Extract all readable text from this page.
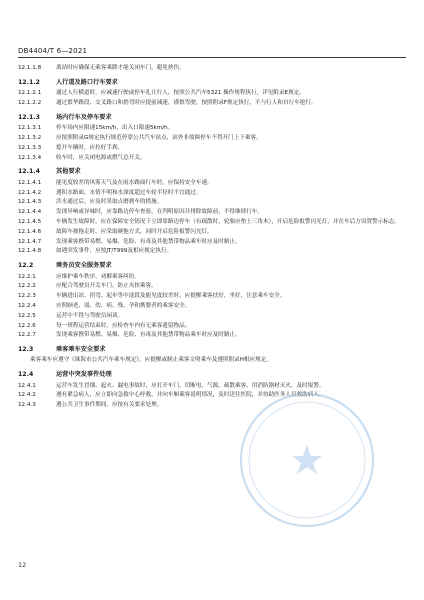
DB4404/T 6—2021
12.1.1.8	离站时应确保无乘客乘降才能关闭车门，避免挟伤。
12.1.2	人行道及路口行车要求
12.1.2.1	通过人行横道时，应减速行驶或停车礼让行人，按照公共汽车5321 操作规程执行，详见附录E规定。
12.1.2.2	通过繁华路段、交叉路口和捎弯时应提前减速，谨慎驾驶，按照附录F规定执行，不与行人和自行车抢行。
12.1.3	场内行车及停车要求
12.1.3.1	停车场内应限速15km/h，出入口限速5km/h。
12.1.3.2	应按照附录G规定执行规范停靠公共汽车站点，站外非故障停车不得开门上下乘客。
12.1.3.3	熄开车辆时，应拉好手刹。
12.1.3.4	收车时，应关闭电源或燃气总开关。
12.1.4	其他要求
12.1.4.1	能见度较差的风雾天气及在雨水路面行车时，应保持安全车速。
12.1.4.2	遇积水路面，水情不明和水深度超过车轮半径时不宜通过。
12.1.4.3	涉水通过后，应及时采取点磨刹车的措施。
12.1.4.4	发现异响或异味时，应靠路边停车查验，在判明原因并排除故障前，不得继续行车。
12.1.4.5	车辆发生故障时，应在保障安全情况下立即靠路边停车（有疏散时，轮胎应垫上三角木），开启危险报警闪光灯，并在车后方设置警示标志。
12.1.4.6	故障车被拖走时，应采取硬拖方式，同时开启危险报警闪光灯。
12.1.4.7	发现乘客携带易燃、易爆、危险、有毒及其他禁带物品乘车时应及时制止。
12.1.4.8	如遇突发事件，应按JT/T999及相应规定执行。
12.2	乘务员安全服务要求
12.2.1	应维护乘车秩序，劝解乘客纠纷。
12.2.2	应配合驾驶员开关车门，防止夹挟乘客。
12.2.3	车辆进出站、拐弯、起步等中途段及能见度较差时，应提醒乘客扶好，坐好，注意乘车安全。
12.2.4	应照顾老、弱、幼、病、残、孕和携婴者的乘客安全。
12.2.5	运营中不得与驾驶员闲谈。
12.2.6	每一班程运营结束时，应检查车内有无乘客遗留物品。
12.2.7	发现乘客携带易燃、易爆、危险、有毒及其他禁带物品乘车时应及时制止。
12.3	乘客乘车安全要求
乘客乘车应遵守《珠海市公共汽车乘车规定》，应提醒或制止乘客文明乘车及遵照附录H相应规定。
12.4	运营中突发事件处理
12.4.1	运营车发生冒烟、起火、漏电事故时，应打开车门，切断电、气源，疏散乘客，用消防器材灭火，及时报警。
12.4.2	遇有紧急病人，应立即向急救中心呼救，并向车厢乘客说明情况，及时送往医院，并协助医务人员救助病人。
12.4.3	遇公共卫生事件期间，应按有关要求处理。
12
